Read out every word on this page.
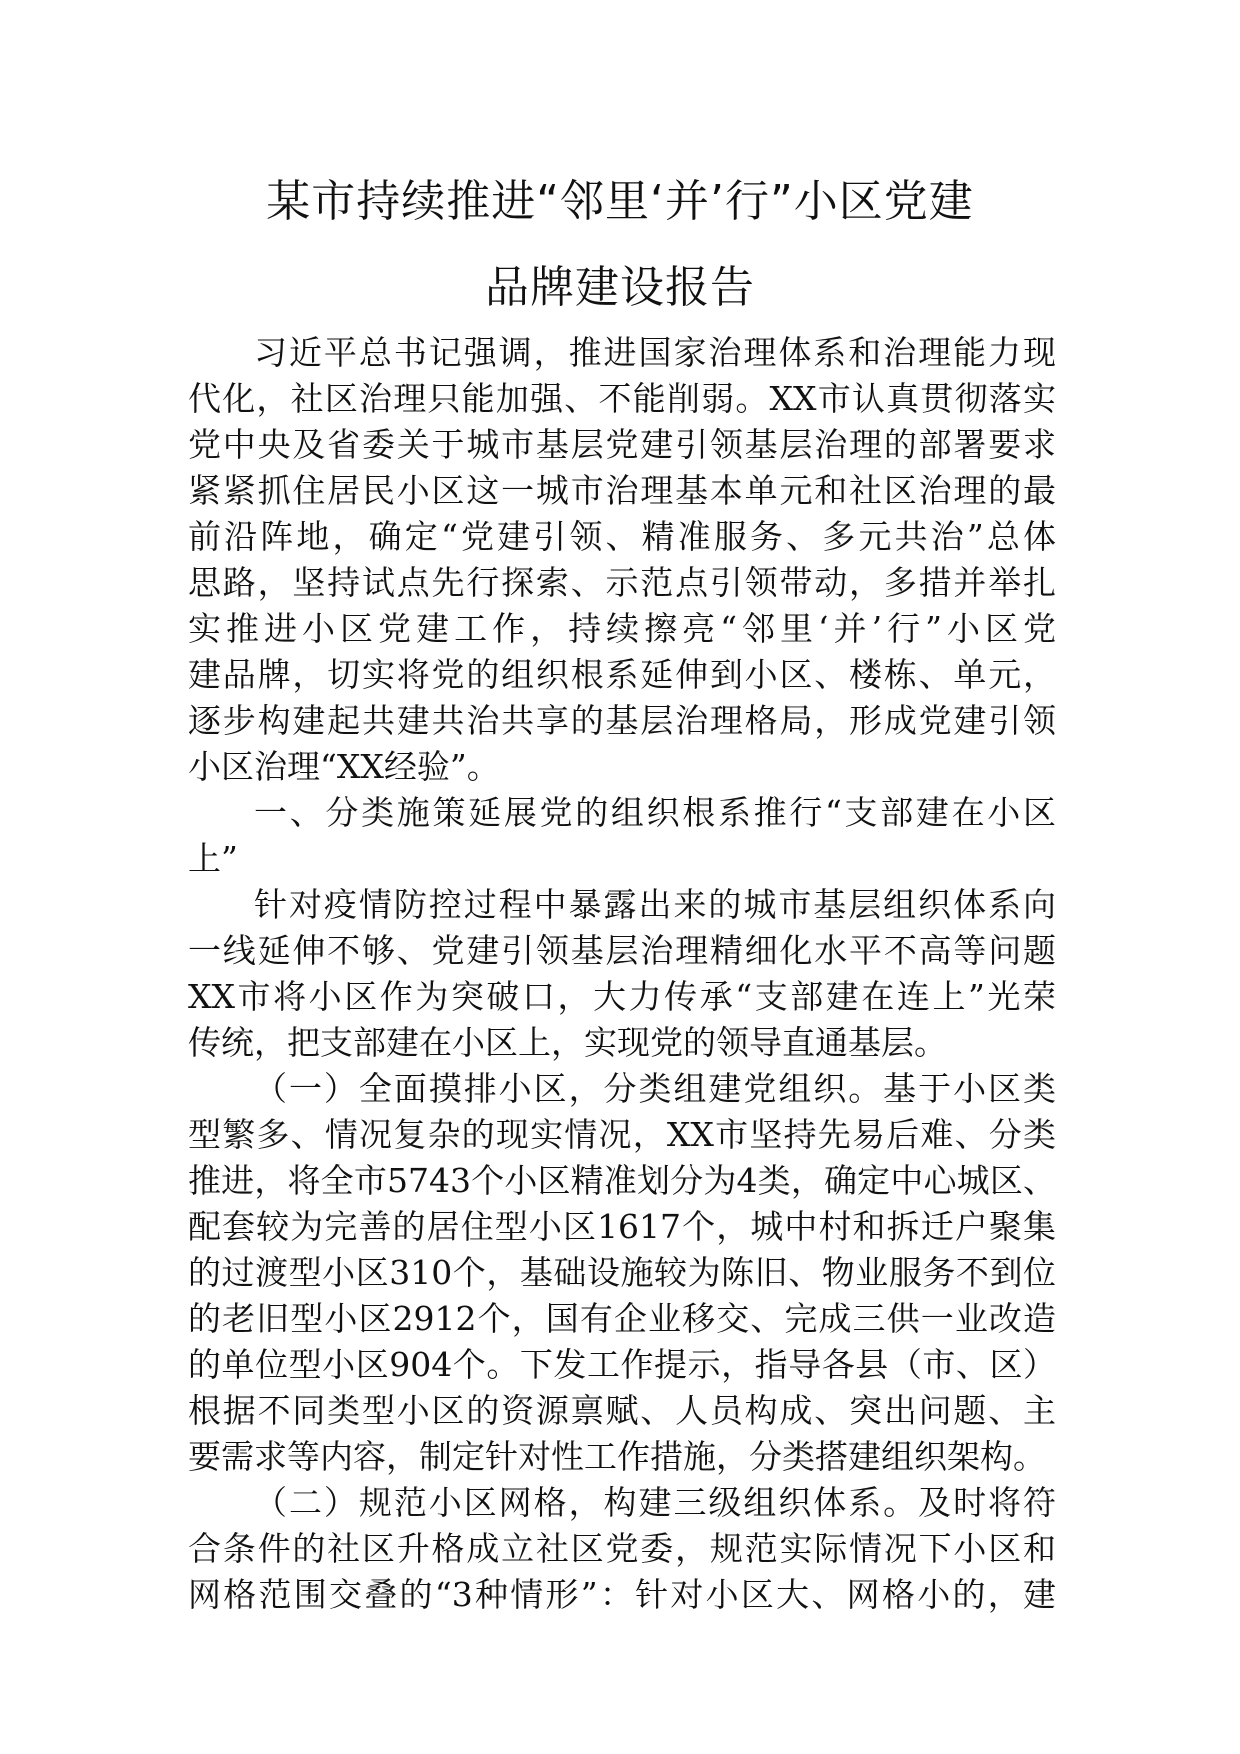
某市持续推进“邻里‘并’行”小区党建
品牌建设报告
习近平总书记强调，推进国家治理体系和治理能力现
代化，社区治理只能加强、不能削弱。XX市认真贯彻落实
党中央及省委关于城市基层党建引领基层治理的部署要求
紧紧抓住居民小区这一城市治理基本单元和社区治理的最
前沿阵地，确定“党建引领、精准服务、多元共治”总体
思路，坚持试点先行探索、示范点引领带动，多措并举扎
实推进小区党建工作，持续擦亮“邻里‘并’行”小区党
建品牌，切实将党的组织根系延伸到小区、楼栋、单元，
逐步构建起共建共治共享的基层治理格局，形成党建引领
小区治理“XX经验”。
一、分类施策延展党的组织根系推行“支部建在小区
上”
针对疫情防控过程中暴露出来的城市基层组织体系向
一线延伸不够、党建引领基层治理精细化水平不高等问题
XX市将小区作为突破口，大力传承“支部建在连上”光荣
传统，把支部建在小区上，实现党的领导直通基层。
（一）全面摸排小区，分类组建党组织。基于小区类
型繁多、情况复杂的现实情况，XX市坚持先易后难、分类
推进，将全市5743个小区精准划分为4类，确定中心城区、
配套较为完善的居住型小区1617个，城中村和拆迁户聚集
的过渡型小区310个，基础设施较为陈旧、物业服务不到位
的老旧型小区2912个，国有企业移交、完成三供一业改造
的单位型小区904个。下发工作提示，指导各县（市、区）
根据不同类型小区的资源禀赋、人员构成、突出问题、主
要需求等内容，制定针对性工作措施，分类搭建组织架构。
（二）规范小区网格，构建三级组织体系。及时将符
合条件的社区升格成立社区党委，规范实际情况下小区和
网格范围交叠的“3种情形”：针对小区大、网格小的，建
